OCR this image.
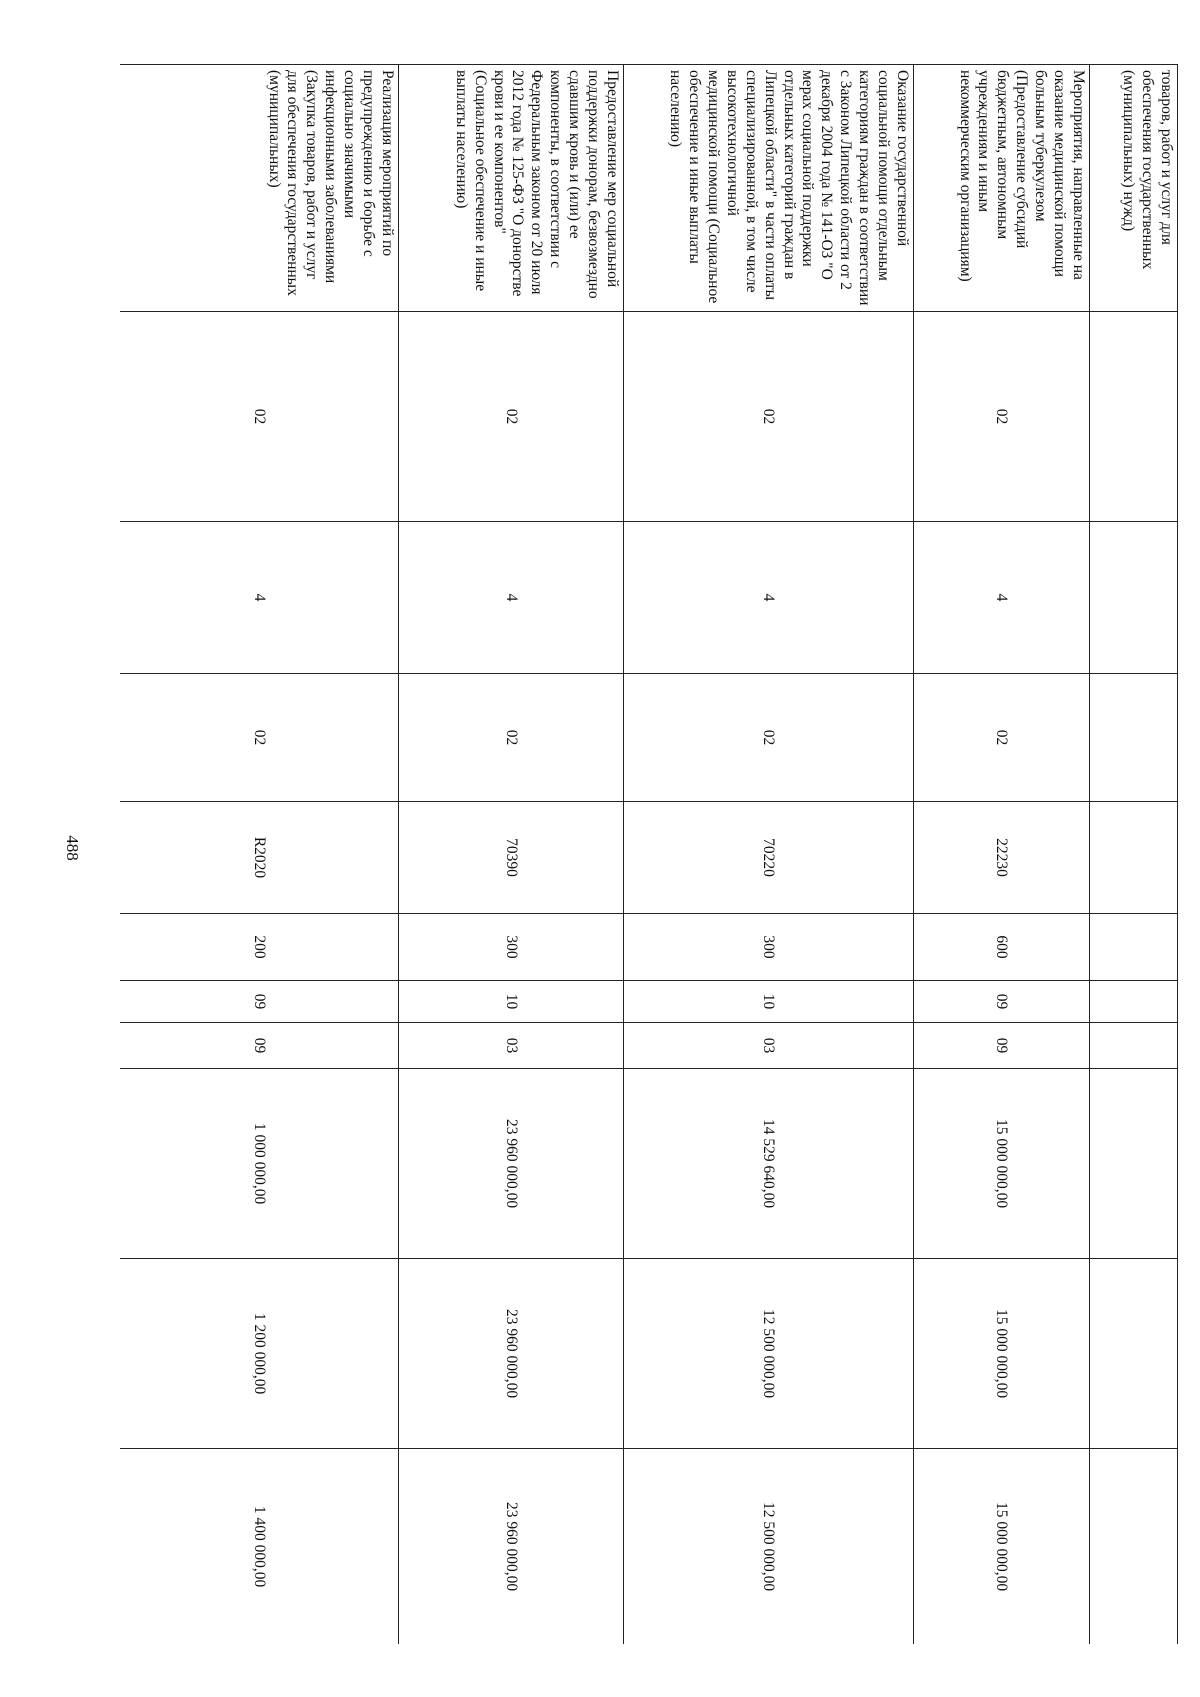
488
товаров, работ и услуг для обеспечения государственных (муниципальных) нужд)										
Мероприятия, направленные на оказание медицинской помощи больным туберкулезом (Предоставление субсидий бюджетным, автономным учреждениям и иным некоммерческим организациям)	02	4	02	22230	600	09	09	15 000 000,00	15 000 000,00	15 000 000,00
Оказание государственной социальной помощи отдельным категориям граждан в соответствии с Законом Липецкой области от 2 декабря 2004 года № 141-ОЗ "О мерах социальной поддержки отдельных категорий граждан в Липецкой области" в части оплаты специализированной, в том числе высокотехнологичной медицинской помощи (Социальное обеспечение и иные выплаты населению)	02	4	02	70220	300	10	03	14 529 640,00	12 500 000,00	12 500 000,00
Предоставление мер социальной поддержки донорам, безвозмездно сдавшим кровь и (или) ее компоненты, в соответствии с Федеральным законом от 20 июля 2012 года № 125-ФЗ "О донорстве крови и ее компонентов" (Социальное обеспечение и иные выплаты населению)	02	4	02	70390	300	10	03	23 960 000,00	23 960 000,00	23 960 000,00
Реализация мероприятий по предупреждению и борьбе с социально значимыми инфекционными заболеваниями (Закупка товаров, работ и услуг для обеспечения государственных (муниципальных)	02	4	02	R2020	200	09	09	1 000 000,00	1 200 000,00	1 400 000,00
